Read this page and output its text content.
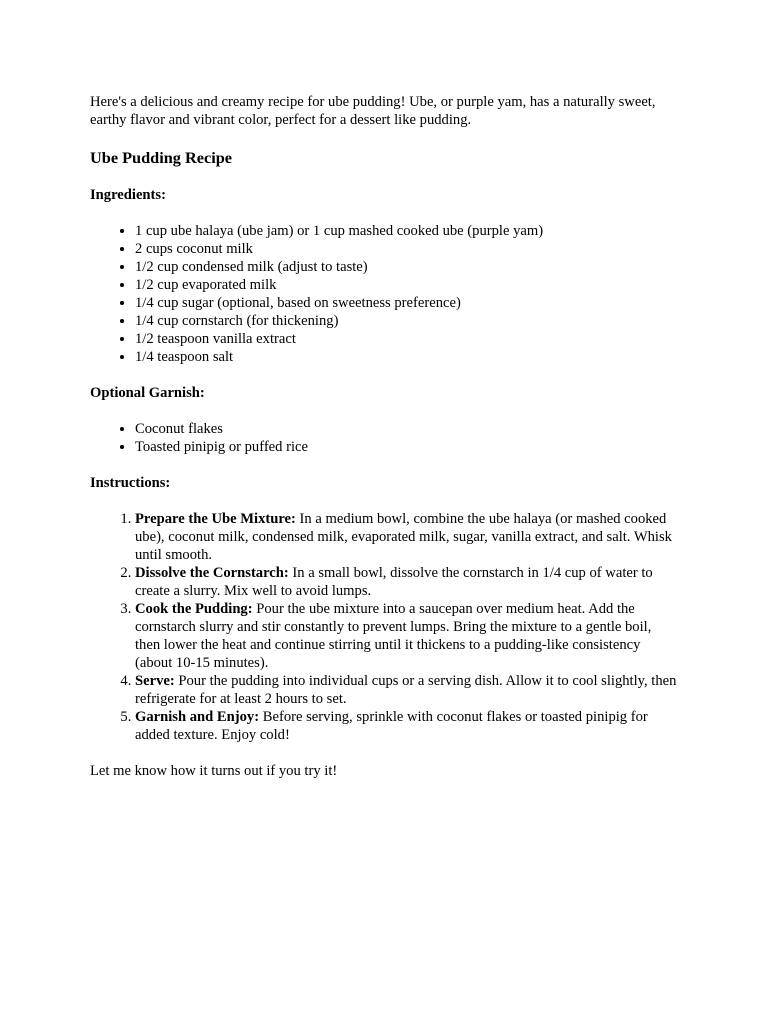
Here's a delicious and creamy recipe for ube pudding! Ube, or purple yam, has a naturally sweet, earthy flavor and vibrant color, perfect for a dessert like pudding.

Ube Pudding Recipe
Ingredients:
• 1 cup ube halaya (ube jam) or 1 cup mashed cooked ube (purple yam)
• 2 cups coconut milk
• 1/2 cup condensed milk (adjust to taste)
• 1/2 cup evaporated milk
• 1/4 cup sugar (optional, based on sweetness preference)
• 1/4 cup cornstarch (for thickening)
• 1/2 teaspoon vanilla extract
• 1/4 teaspoon salt
Optional Garnish:
• Coconut flakes
• Toasted pinipig or puffed rice
Instructions:
1. Prepare the Ube Mixture: In a medium bowl, combine the ube halaya (or mashed cooked ube), coconut milk, condensed milk, evaporated milk, sugar, vanilla extract, and salt. Whisk until smooth.
2. Dissolve the Cornstarch: In a small bowl, dissolve the cornstarch in 1/4 cup of water to create a slurry. Mix well to avoid lumps.
3. Cook the Pudding: Pour the ube mixture into a saucepan over medium heat. Add the cornstarch slurry and stir constantly to prevent lumps. Bring the mixture to a gentle boil, then lower the heat and continue stirring until it thickens to a pudding-like consistency (about 10-15 minutes).
4. Serve: Pour the pudding into individual cups or a serving dish. Allow it to cool slightly, then refrigerate for at least 2 hours to set.
5. Garnish and Enjoy: Before serving, sprinkle with coconut flakes or toasted pinipig for added texture. Enjoy cold!

Let me know how it turns out if you try it!
